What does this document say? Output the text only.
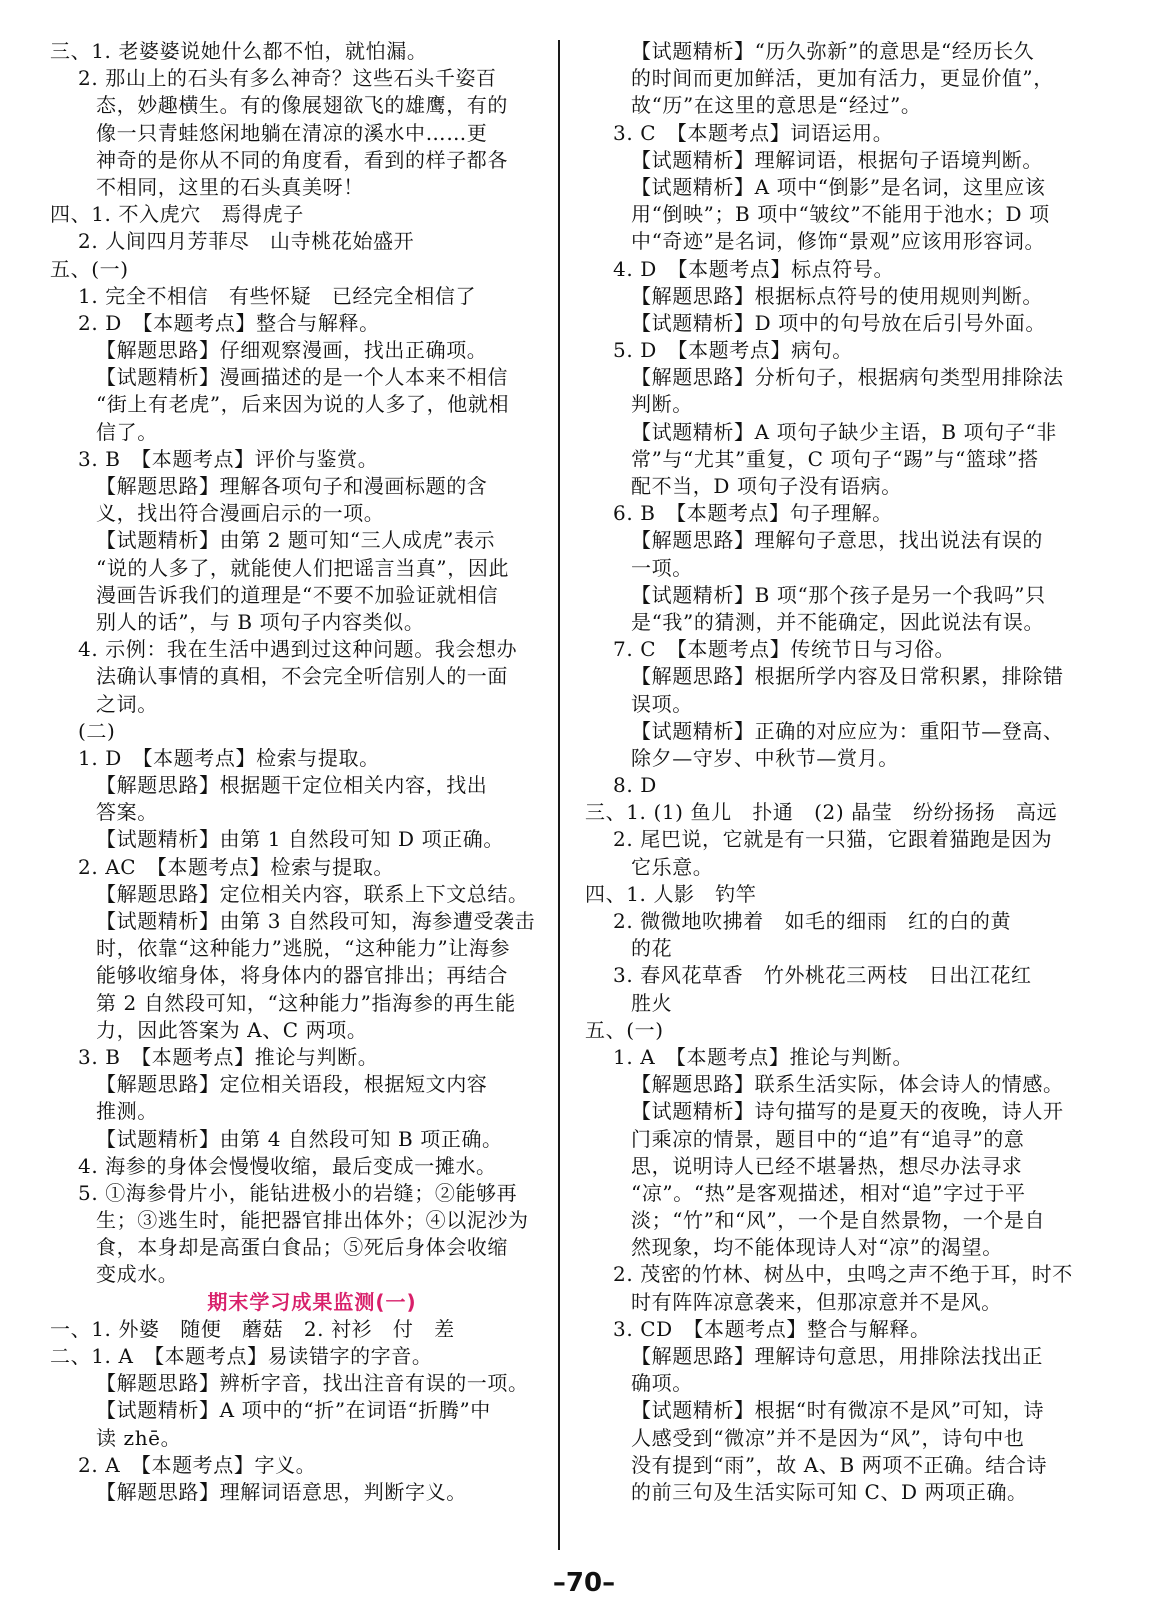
三、1. 老婆婆说她什么都不怕，就怕漏。
2. 那山上的石头有多么神奇？这些石头千姿百
态，妙趣横生。有的像展翅欲飞的雄鹰，有的
像一只青蛙悠闲地躺在清凉的溪水中……更
神奇的是你从不同的角度看，看到的样子都各
不相同，这里的石头真美呀！
四、1. 不入虎穴　焉得虎子
2. 人间四月芳菲尽　山寺桃花始盛开
五、(一)
1. 完全不相信　有些怀疑　已经完全相信了
2. D　【本题考点】整合与解释。
【解题思路】仔细观察漫画，找出正确项。
【试题精析】漫画描述的是一个人本来不相信
“街上有老虎”，后来因为说的人多了，他就相
信了。
3. B　【本题考点】评价与鉴赏。
【解题思路】理解各项句子和漫画标题的含
义，找出符合漫画启示的一项。
【试题精析】由第 2 题可知“三人成虎”表示
“说的人多了，就能使人们把谣言当真”，因此
漫画告诉我们的道理是“不要不加验证就相信
别人的话”，与 B 项句子内容类似。
4. 示例：我在生活中遇到过这种问题。我会想办
法确认事情的真相，不会完全听信别人的一面
之词。
(二)
1. D　【本题考点】检索与提取。
【解题思路】根据题干定位相关内容，找出
答案。
【试题精析】由第 1 自然段可知 D 项正确。
2. AC　【本题考点】检索与提取。
【解题思路】定位相关内容，联系上下文总结。
【试题精析】由第 3 自然段可知，海参遭受袭击
时，依靠“这种能力”逃脱，“这种能力”让海参
能够收缩身体，将身体内的器官排出；再结合
第 2 自然段可知，“这种能力”指海参的再生能
力，因此答案为 A、C 两项。
3. B　【本题考点】推论与判断。
【解题思路】定位相关语段，根据短文内容
推测。
【试题精析】由第 4 自然段可知 B 项正确。
4. 海参的身体会慢慢收缩，最后变成一摊水。
5. ①海参骨片小，能钻进极小的岩缝；②能够再
生；③逃生时，能把器官排出体外；④以泥沙为
食，本身却是高蛋白食品；⑤死后身体会收缩
变成水。
期末学习成果监测(一)
一、1. 外婆　随便　蘑菇　2. 衬衫　付　差
二、1. A　【本题考点】易读错字的字音。
【解题思路】辨析字音，找出注音有误的一项。
【试题精析】A 项中的“折”在词语“折腾”中
读 zhē。
2. A　【本题考点】字义。
【解题思路】理解词语意思，判断字义。
【试题精析】“历久弥新”的意思是“经历长久
的时间而更加鲜活，更加有活力，更显价值”，
故“历”在这里的意思是“经过”。
3. C　【本题考点】词语运用。
【试题精析】理解词语，根据句子语境判断。
【试题精析】A 项中“倒影”是名词，这里应该
用“倒映”；B 项中“皱纹”不能用于池水；D 项
中“奇迹”是名词，修饰“景观”应该用形容词。
4. D　【本题考点】标点符号。
【解题思路】根据标点符号的使用规则判断。
【试题精析】D 项中的句号放在后引号外面。
5. D　【本题考点】病句。
【解题思路】分析句子，根据病句类型用排除法
判断。
【试题精析】A 项句子缺少主语，B 项句子“非
常”与“尤其”重复，C 项句子“踢”与“篮球”搭
配不当，D 项句子没有语病。
6. B　【本题考点】句子理解。
【解题思路】理解句子意思，找出说法有误的
一项。
【试题精析】B 项“那个孩子是另一个我吗”只
是“我”的猜测，并不能确定，因此说法有误。
7. C　【本题考点】传统节日与习俗。
【解题思路】根据所学内容及日常积累，排除错
误项。
【试题精析】正确的对应应为：重阳节—登高、
除夕—守岁、中秋节—赏月。
8. D
三、1. (1) 鱼儿　扑通　(2) 晶莹　纷纷扬扬　高远
2. 尾巴说，它就是有一只猫，它跟着猫跑是因为
它乐意。
四、1. 人影　钓竿
2. 微微地吹拂着　如毛的细雨　红的白的黄
的花
3. 春风花草香　竹外桃花三两枝　日出江花红
胜火
五、(一)
1. A　【本题考点】推论与判断。
【解题思路】联系生活实际，体会诗人的情感。
【试题精析】诗句描写的是夏天的夜晚，诗人开
门乘凉的情景，题目中的“追”有“追寻”的意
思，说明诗人已经不堪暑热，想尽办法寻求
“凉”。“热”是客观描述，相对“追”字过于平
淡；“竹”和“风”，一个是自然景物，一个是自
然现象，均不能体现诗人对“凉”的渴望。
2. 茂密的竹林、树丛中，虫鸣之声不绝于耳，时不
时有阵阵凉意袭来，但那凉意并不是风。
3. CD　【本题考点】整合与解释。
【解题思路】理解诗句意思，用排除法找出正
确项。
【试题精析】根据“时有微凉不是风”可知，诗
人感受到“微凉”并不是因为“风”，诗句中也
没有提到“雨”，故 A、B 两项不正确。结合诗
的前三句及生活实际可知 C、D 两项正确。
–70–
